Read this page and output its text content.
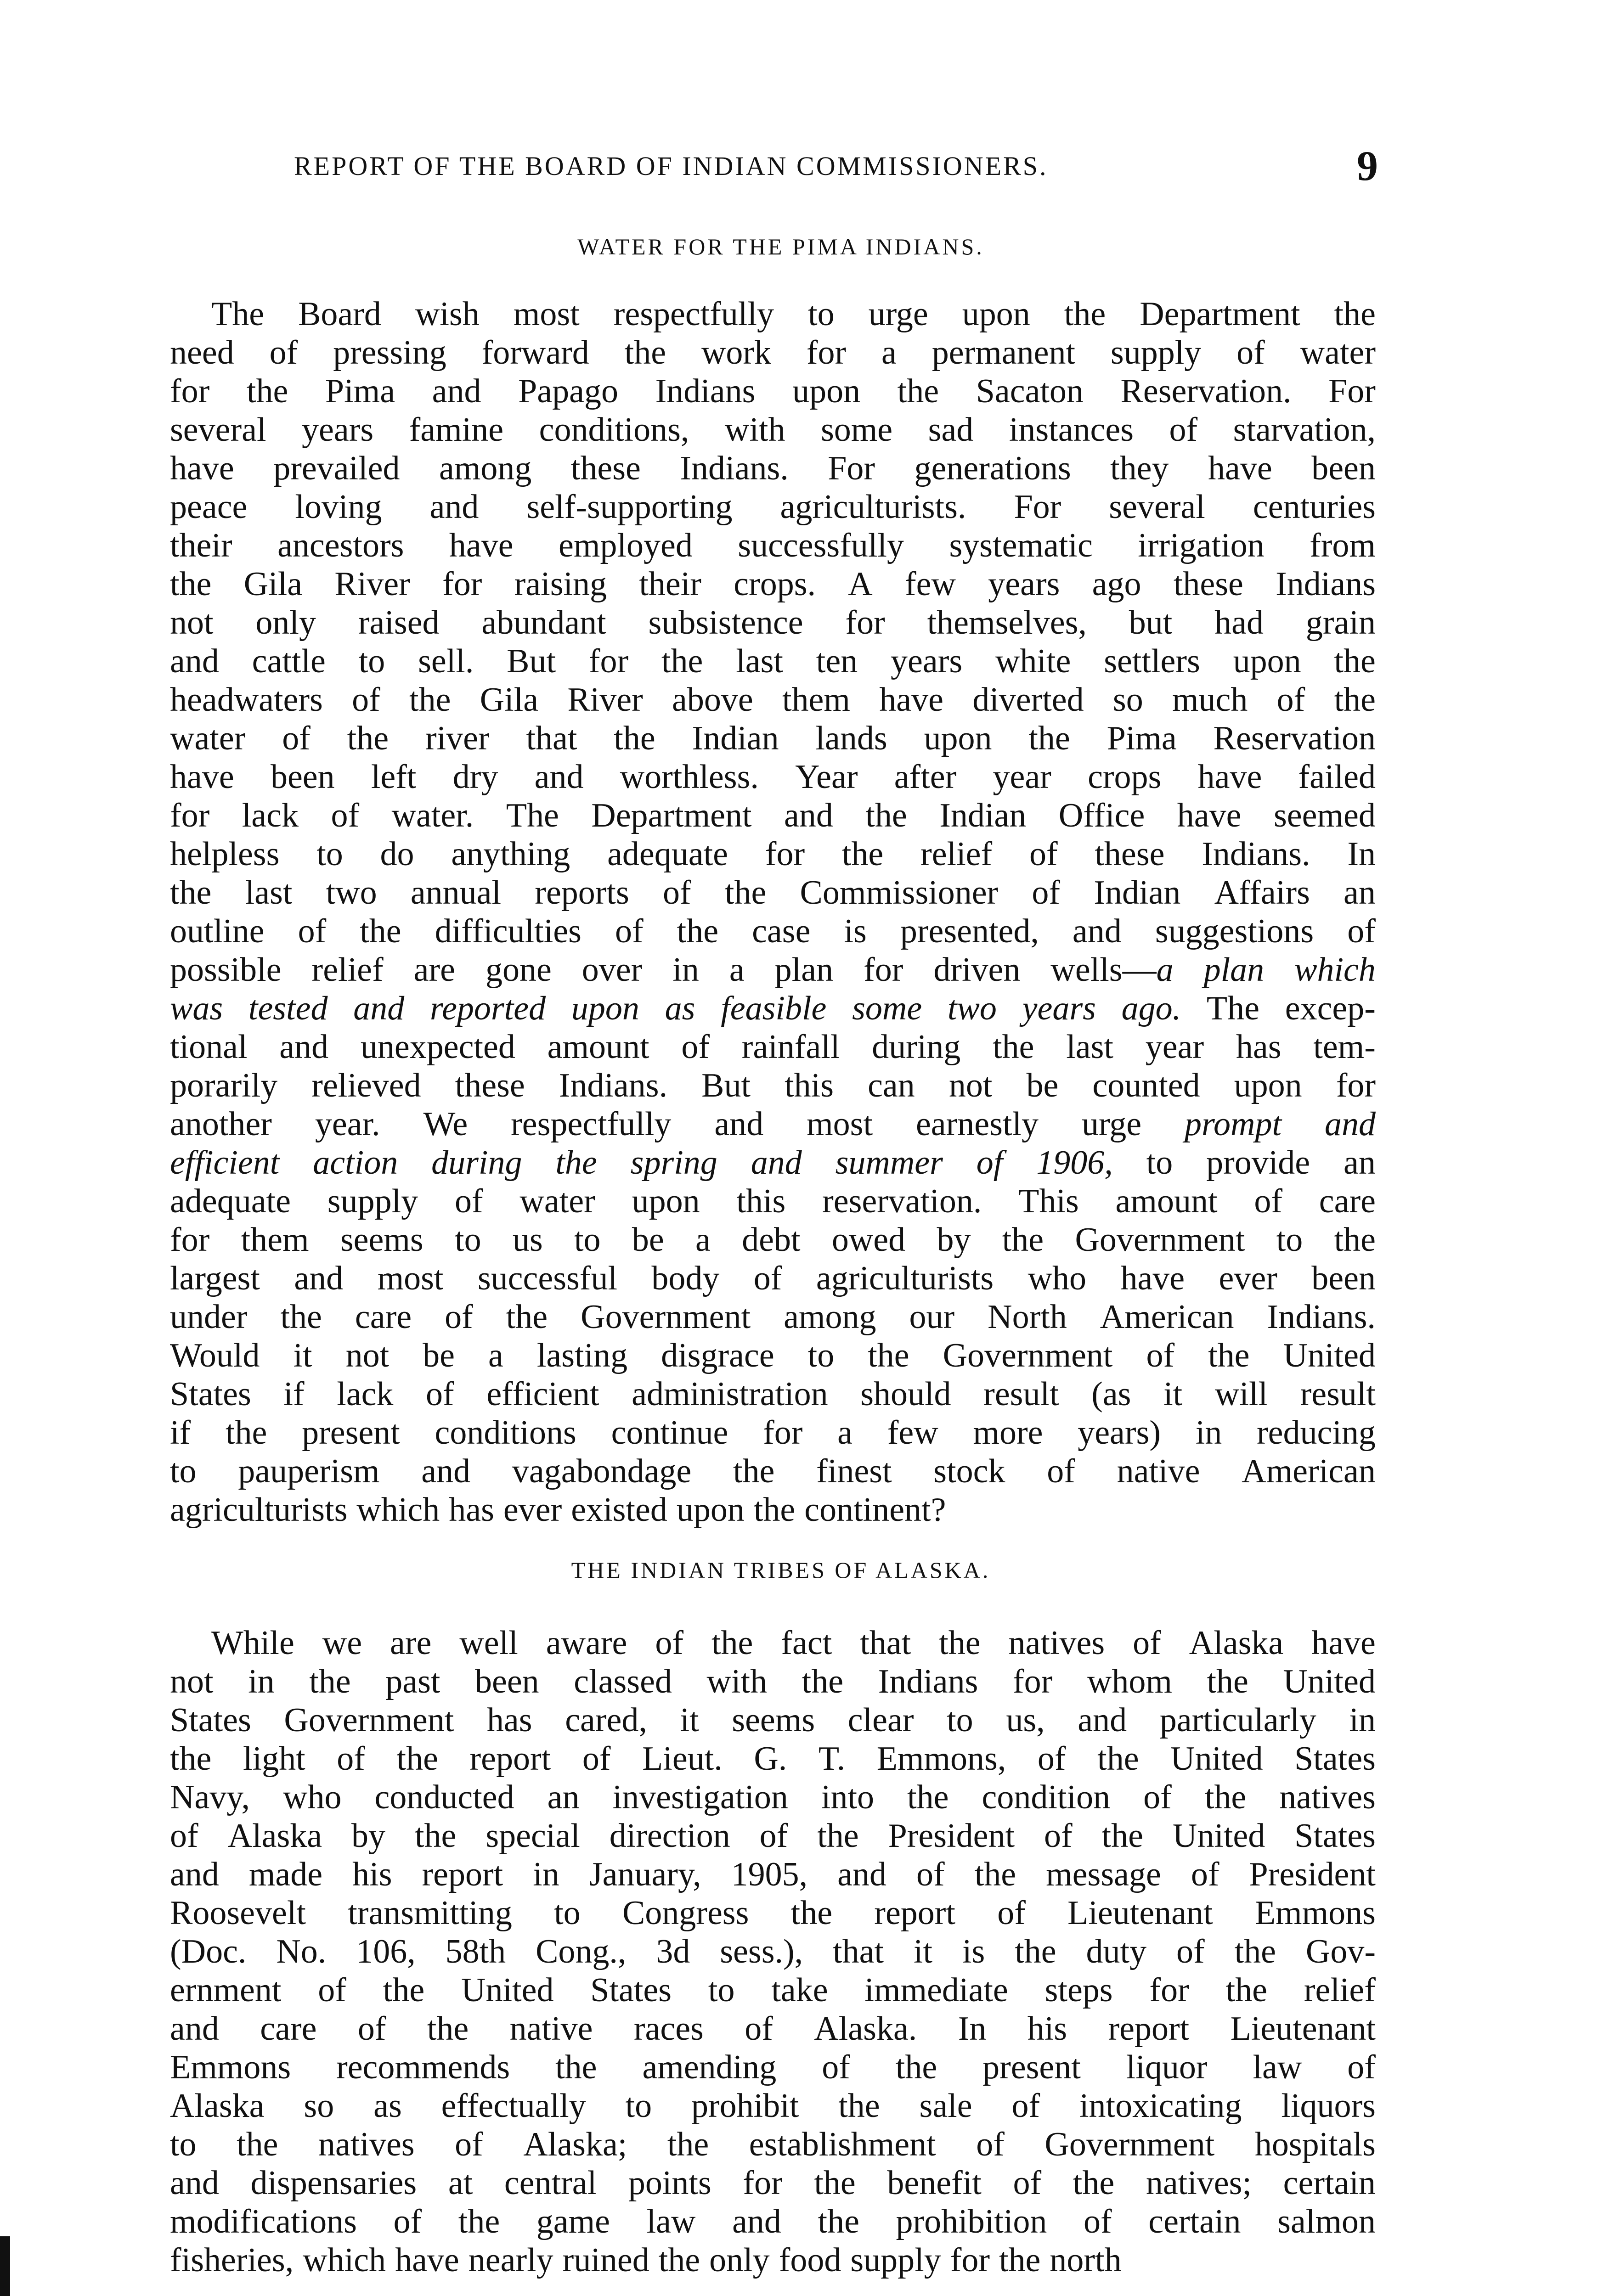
REPORT OF THE BOARD OF INDIAN COMMISSIONERS.	9
WATER FOR THE PIMA INDIANS.
The Board wish most respectfully to urge upon the Department the
need of pressing forward the work for a permanent supply of water
for the Pima and Papago Indians upon the Sacaton Reservation. For
several years famine conditions, with some sad instances of starvation,
have prevailed among these Indians. For generations they have been
peace loving and self-supporting agriculturists. For several centuries
their ancestors have employed successfully systematic irrigation from
the Gila River for raising their crops. A few years ago these Indians
not only raised abundant subsistence for themselves, but had grain
and cattle to sell. But for the last ten years white settlers upon the
headwaters of the Gila River above them have diverted so much of the
water of the river that the Indian lands upon the Pima Reservation
have been left dry and worthless. Year after year crops have failed
for lack of water. The Department and the Indian Office have seemed
helpless to do anything adequate for the relief of these Indians. In
the last two annual reports of the Commissioner of Indian Affairs an
outline of the difficulties of the case is presented, and suggestions of
possible relief are gone over in a plan for driven wells—a plan which
was tested and reported upon as feasible some two years ago. The excep-
tional and unexpected amount of rainfall during the last year has tem-
porarily relieved these Indians. But this can not be counted upon for
another year. We respectfully and most earnestly urge prompt and
efficient action during the spring and summer of 1906, to provide an
adequate supply of water upon this reservation. This amount of care
for them seems to us to be a debt owed by the Government to the
largest and most successful body of agriculturists who have ever been
under the care of the Government among our North American Indians.
Would it not be a lasting disgrace to the Government of the United
States if lack of efficient administration should result (as it will result
if the present conditions continue for a few more years) in reducing
to pauperism and vagabondage the finest stock of native American
agriculturists which has ever existed upon the continent?
THE INDIAN TRIBES OF ALASKA.
While we are well aware of the fact that the natives of Alaska have
not in the past been classed with the Indians for whom the United
States Government has cared, it seems clear to us, and particularly in
the light of the report of Lieut. G. T. Emmons, of the United States
Navy, who conducted an investigation into the condition of the natives
of Alaska by the special direction of the President of the United States
and made his report in January, 1905, and of the message of President
Roosevelt transmitting to Congress the report of Lieutenant Emmons
(Doc. No. 106, 58th Cong., 3d sess.), that it is the duty of the Gov-
ernment of the United States to take immediate steps for the relief
and care of the native races of Alaska. In his report Lieutenant
Emmons recommends the amending of the present liquor law of
Alaska so as effectually to prohibit the sale of intoxicating liquors
to the natives of Alaska; the establishment of Government hospitals
and dispensaries at central points for the benefit of the natives; certain
modifications of the game law and the prohibition of certain salmon
fisheries, which have nearly ruined the only food supply for the north
